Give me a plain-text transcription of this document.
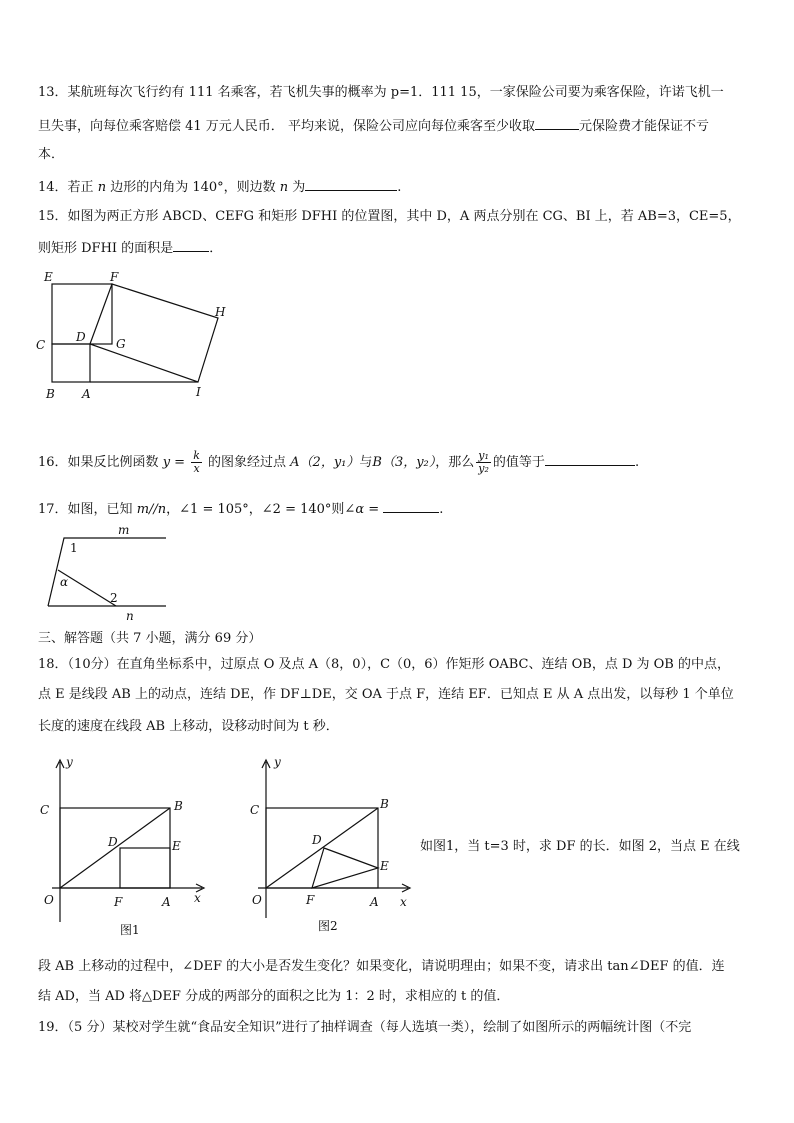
13．某航班每次飞行约有 111 名乘客，若飞机失事的概率为 p=1．111 15，一家保险公司要为乘客保险，许诺飞机一
旦失事，向每位乘客赔偿 41 万元人民币． 平均来说，保险公司应向每位乘客至少收取	元保险费才能保证不亏
本．
14．若正 n 边形的内角为 140°，则边数 n 为	.
15．如图为两正方形 ABCD、CEFG 和矩形 DFHI 的位置图，其中 D，A 两点分别在 CG、BI 上，若 AB=3，CE=5，
则矩形 DFHI 的面积是	．
E	F
H
C
D	G
B A	I
16．如果反比例函数 $y = \frac{k}{x}$ 的图象经过点 A（2，y₁）与B（3，y₂），那么 $\frac{\text{y₁}}{\text{y₂}}$ 的值等于	.
17．如图，已知 m//n，∠1 = 105°，∠2 = 140°则∠α =	.
m
n
1
2
α
三、解答题（共 7 小题，满分 69 分）
18．（10分）在直角坐标系中，过原点 O 及点 A（8，0），C（0，6）作矩形 OABC、连结 OB，点 D 为 OB 的中点，
点 E 是线段 AB 上的动点，连结 DE，作 DF⊥DE，交 OA 于点 F，连结 EF．已知点 E 从 A 点出发，以每秒 1 个单位
长度的速度在线段 AB 上移动，设移动时间为 t 秒．
y
x
C	B
D	E
O	F	A
图1
y
x
C	B
D
E
O	F	A
图2
如图1，当 t=3 时，求 DF 的长．如图 2，当点 E 在线
段 AB 上移动的过程中，∠DEF 的大小是否发生变化？如果变化，请说明理由；如果不变，请求出 tan∠DEF 的值．连
结 AD，当 AD 将△DEF 分成的两部分的面积之比为 1：2 时，求相应的 t 的值．
19．（5 分）某校对学生就“食品安全知识”进行了抽样调查（每人选填一类），绘制了如图所示的两幅统计图（不完
